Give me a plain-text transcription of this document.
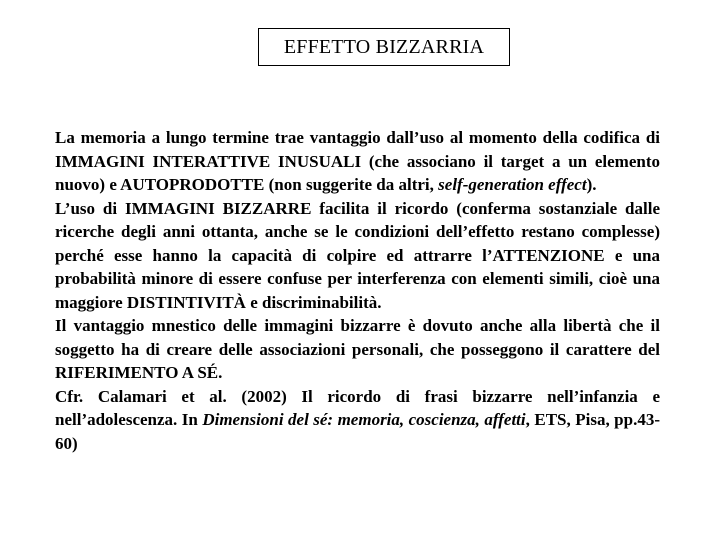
EFFETTO BIZZARRIA

La memoria a lungo termine trae vantaggio dall’uso al momento della codifica di IMMAGINI INTERATTIVE INUSUALI (che associano il target a un elemento nuovo) e AUTOPRODOTTE (non suggerite da altri, self-generation effect).

L’uso di IMMAGINI BIZZARRE facilita il ricordo (conferma sostanziale dalle ricerche degli anni ottanta, anche se le condizioni dell’effetto restano complesse) perché esse hanno la capacità di colpire ed attrarre l’ATTENZIONE e una probabilità minore di essere confuse per interferenza con elementi simili, cioè una maggiore DISTINTIVITÀ e discriminabilità.

Il vantaggio mnestico delle immagini bizzarre è dovuto anche alla libertà che il soggetto ha di creare delle associazioni personali, che posseggono il carattere del RIFERIMENTO A SÉ.

Cfr. Calamari et al. (2002) Il ricordo di frasi bizzarre nell’infanzia e nell’adolescenza. In Dimensioni del sé: memoria, coscienza, affetti, ETS, Pisa, pp.43-60)
